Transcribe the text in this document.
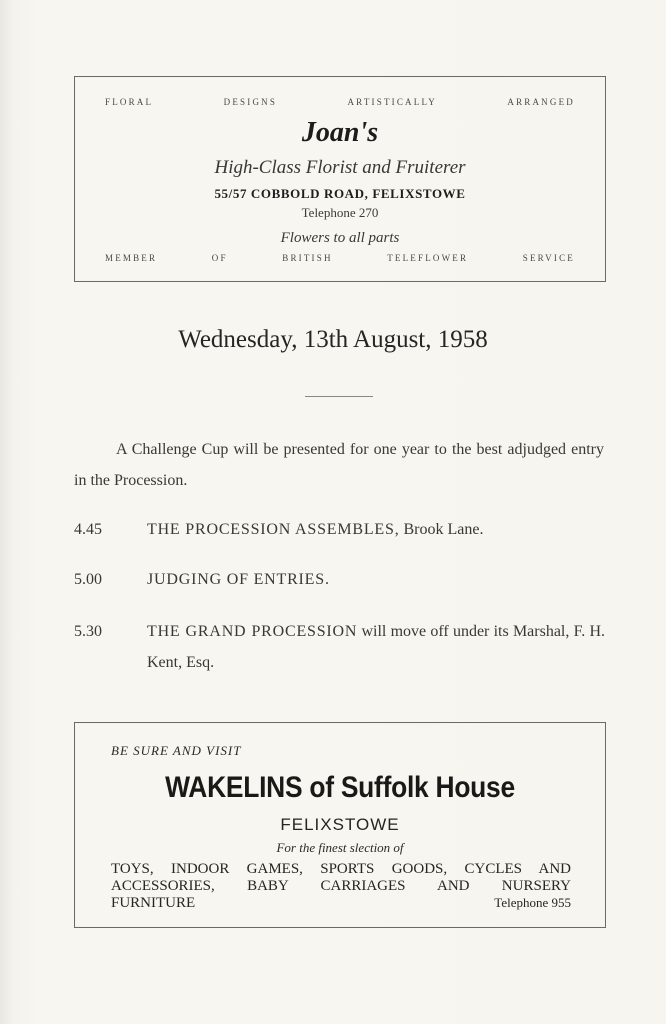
FLORAL	DESIGNS	ARTISTICALLY	ARRANGED
Joan's
High-Class Florist and Fruiterer
55/57 COBBOLD ROAD, FELIXSTOWE
Telephone 270
Flowers to all parts
MEMBER	OF	BRITISH	TELEFLOWER	SERVICE
Wednesday, 13th August, 1958
A Challenge Cup will be presented for one year to the best adjudged entry in the Procession.
4.45	THE PROCESSION ASSEMBLES, Brook Lane.
5.00	JUDGING OF ENTRIES.
5.30	THE GRAND PROCESSION will move off under its Marshal, F. H. Kent, Esq.
BE SURE AND VISIT
WAKELINS of Suffolk House
FELIXSTOWE
For the finest slection of
TOYS, INDOOR GAMES, SPORTS GOODS, CYCLES AND ACCESSORIES, BABY CARRIAGES AND NURSERY
FURNITURE	Telephone 955
